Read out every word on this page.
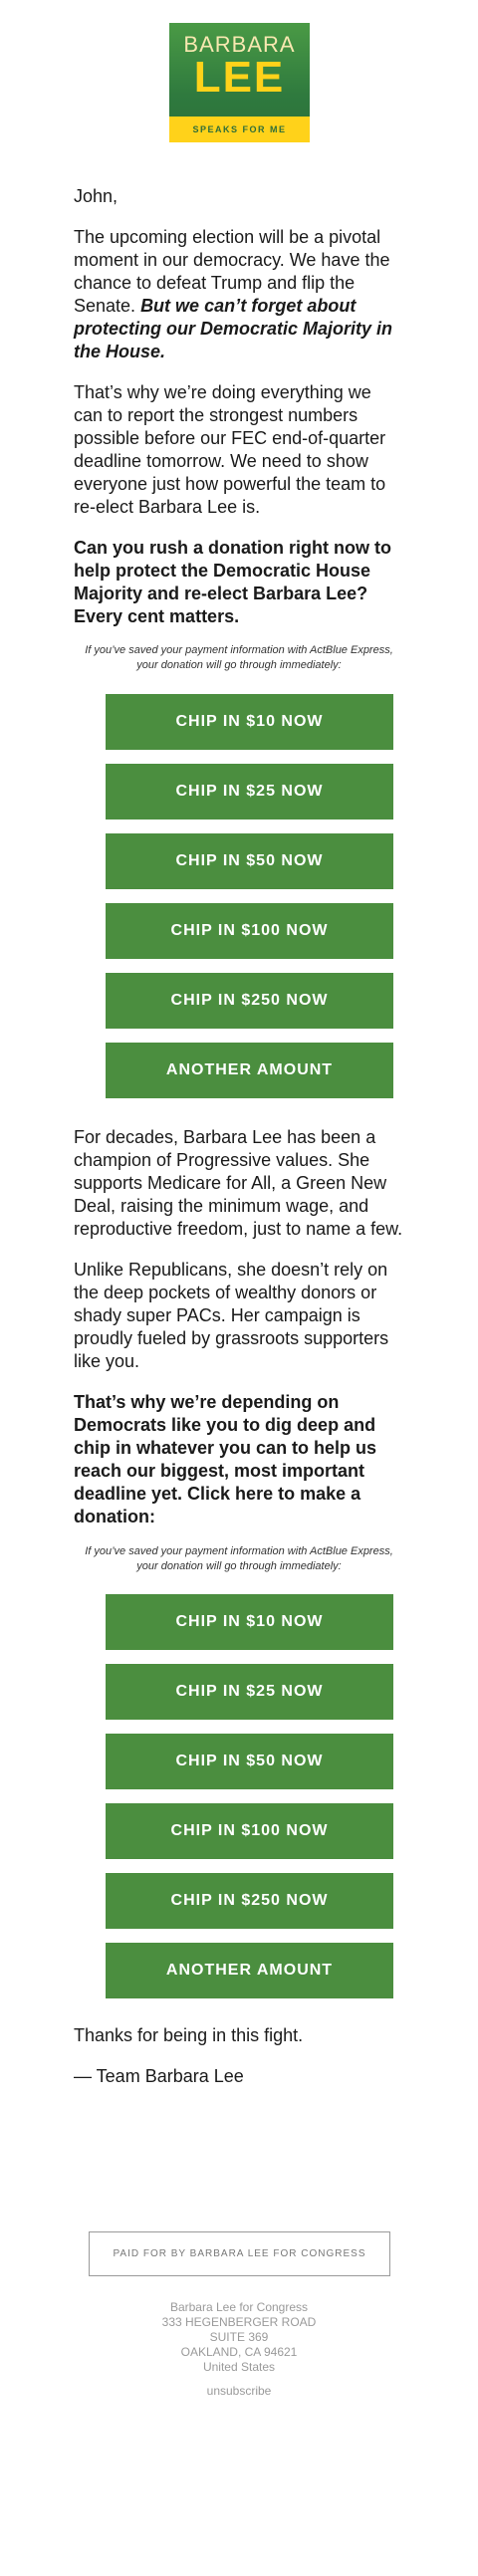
BARBARA
LEE
SPEAKS FOR ME
John,
The upcoming election will be a pivotal moment in our democracy. We have the chance to defeat Trump and flip the Senate. But we can’t forget about protecting our Democratic Majority in the House.
That’s why we’re doing everything we can to report the strongest numbers possible before our FEC end-of-quarter deadline tomorrow. We need to show everyone just how powerful the team to re-elect Barbara Lee is.
Can you rush a donation right now to help protect the Democratic House Majority and re-elect Barbara Lee? Every cent matters.
If you’ve saved your payment information with ActBlue Express, your donation will go through immediately:
CHIP IN $10 NOW
CHIP IN $25 NOW
CHIP IN $50 NOW
CHIP IN $100 NOW
CHIP IN $250 NOW
ANOTHER AMOUNT
For decades, Barbara Lee has been a champion of Progressive values. She supports Medicare for All, a Green New Deal, raising the minimum wage, and reproductive freedom, just to name a few.
Unlike Republicans, she doesn’t rely on the deep pockets of wealthy donors or shady super PACs. Her campaign is proudly fueled by grassroots supporters like you.
That’s why we’re depending on Democrats like you to dig deep and chip in whatever you can to help us reach our biggest, most important deadline yet. Click here to make a donation:
If you’ve saved your payment information with ActBlue Express, your donation will go through immediately:
CHIP IN $10 NOW
CHIP IN $25 NOW
CHIP IN $50 NOW
CHIP IN $100 NOW
CHIP IN $250 NOW
ANOTHER AMOUNT
Thanks for being in this fight.
— Team Barbara Lee
PAID FOR BY BARBARA LEE FOR CONGRESS
Barbara Lee for Congress
333 HEGENBERGER ROAD
SUITE 369
OAKLAND, CA 94621
United States
unsubscribe
